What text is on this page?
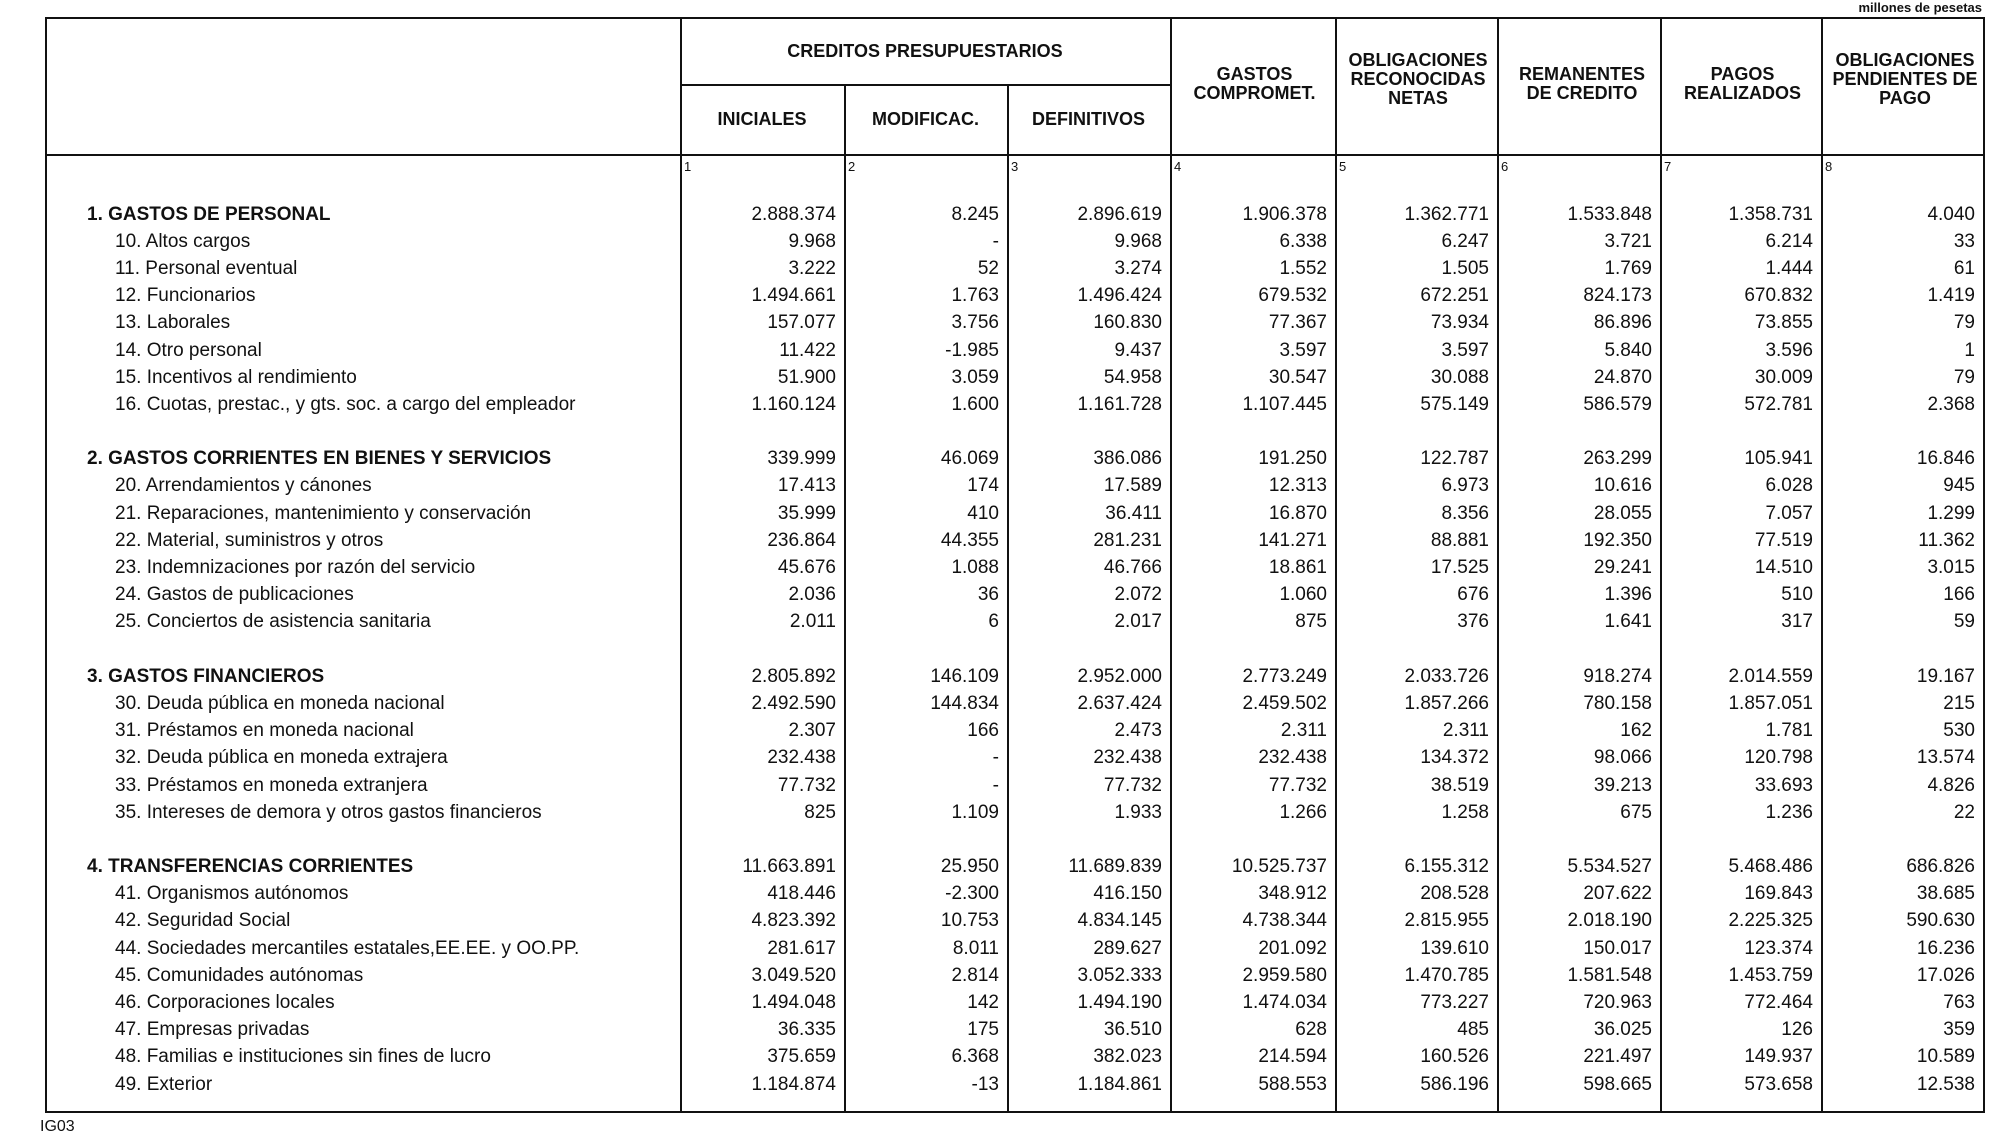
millones de pesetas
CREDITOS PRESUPUESTARIOS
INICIALES	MODIFICAC.	DEFINITIVOS
GASTOS COMPROMET.
OBLIGACIONES RECONOCIDAS NETAS
REMANENTES DE CREDITO
PAGOS REALIZADOS
OBLIGACIONES PENDIENTES DE PAGO
1	2	3	4	5	6	7	8
1. GASTOS DE PERSONAL	2.888.374	8.245	2.896.619	1.906.378	1.362.771	1.533.848	1.358.731	4.040
10. Altos cargos	9.968	-	9.968	6.338	6.247	3.721	6.214	33
11. Personal eventual	3.222	52	3.274	1.552	1.505	1.769	1.444	61
12. Funcionarios	1.494.661	1.763	1.496.424	679.532	672.251	824.173	670.832	1.419
13. Laborales	157.077	3.756	160.830	77.367	73.934	86.896	73.855	79
14. Otro personal	11.422	-1.985	9.437	3.597	3.597	5.840	3.596	1
15. Incentivos al rendimiento	51.900	3.059	54.958	30.547	30.088	24.870	30.009	79
16. Cuotas, prestac., y gts. soc. a cargo del empleador	1.160.124	1.600	1.161.728	1.107.445	575.149	586.579	572.781	2.368

2. GASTOS CORRIENTES EN BIENES Y SERVICIOS	339.999	46.069	386.086	191.250	122.787	263.299	105.941	16.846
20. Arrendamientos y cánones	17.413	174	17.589	12.313	6.973	10.616	6.028	945
21. Reparaciones, mantenimiento y conservación	35.999	410	36.411	16.870	8.356	28.055	7.057	1.299
22. Material, suministros y otros	236.864	44.355	281.231	141.271	88.881	192.350	77.519	11.362
23. Indemnizaciones por razón del servicio	45.676	1.088	46.766	18.861	17.525	29.241	14.510	3.015
24. Gastos de publicaciones	2.036	36	2.072	1.060	676	1.396	510	166
25. Conciertos de asistencia sanitaria	2.011	6	2.017	875	376	1.641	317	59

3. GASTOS FINANCIEROS	2.805.892	146.109	2.952.000	2.773.249	2.033.726	918.274	2.014.559	19.167
30. Deuda pública en moneda nacional	2.492.590	144.834	2.637.424	2.459.502	1.857.266	780.158	1.857.051	215
31. Préstamos en moneda nacional	2.307	166	2.473	2.311	2.311	162	1.781	530
32. Deuda pública en moneda extrajera	232.438	-	232.438	232.438	134.372	98.066	120.798	13.574
33. Préstamos en moneda extranjera	77.732	-	77.732	77.732	38.519	39.213	33.693	4.826
35. Intereses de demora y otros gastos financieros	825	1.109	1.933	1.266	1.258	675	1.236	22

4. TRANSFERENCIAS CORRIENTES	11.663.891	25.950	11.689.839	10.525.737	6.155.312	5.534.527	5.468.486	686.826
41. Organismos autónomos	418.446	-2.300	416.150	348.912	208.528	207.622	169.843	38.685
42. Seguridad Social	4.823.392	10.753	4.834.145	4.738.344	2.815.955	2.018.190	2.225.325	590.630
44. Sociedades mercantiles estatales,EE.EE. y OO.PP.	281.617	8.011	289.627	201.092	139.610	150.017	123.374	16.236
45. Comunidades autónomas	3.049.520	2.814	3.052.333	2.959.580	1.470.785	1.581.548	1.453.759	17.026
46. Corporaciones locales	1.494.048	142	1.494.190	1.474.034	773.227	720.963	772.464	763
47. Empresas privadas	36.335	175	36.510	628	485	36.025	126	359
48. Familias e instituciones sin fines de lucro	375.659	6.368	382.023	214.594	160.526	221.497	149.937	10.589
49. Exterior	1.184.874	-13	1.184.861	588.553	586.196	598.665	573.658	12.538
IG03
